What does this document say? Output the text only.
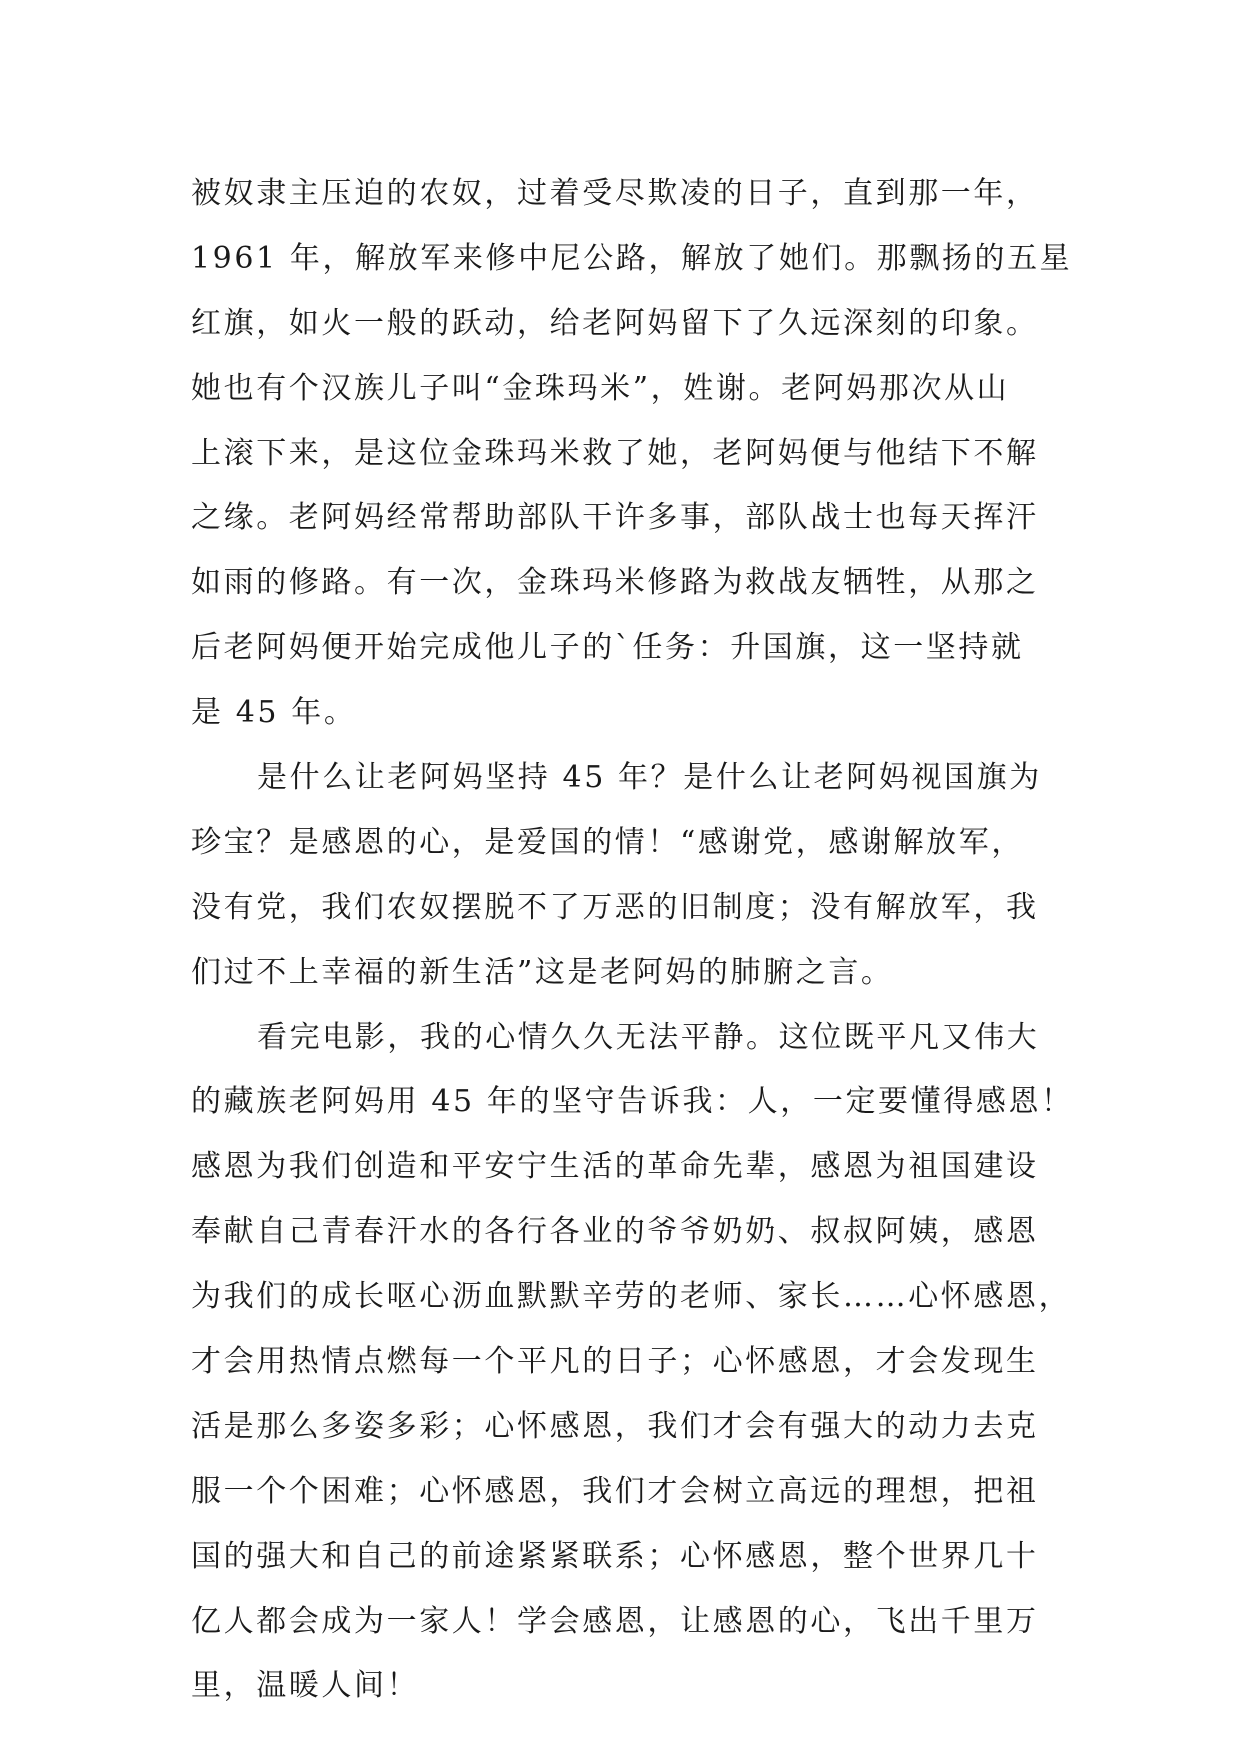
被奴隶主压迫的农奴，过着受尽欺凌的日子，直到那一年，
1961 年，解放军来修中尼公路，解放了她们。那飘扬的五星
红旗，如火一般的跃动，给老阿妈留下了久远深刻的印象。
她也有个汉族儿子叫“金珠玛米”，姓谢。老阿妈那次从山
上滚下来，是这位金珠玛米救了她，老阿妈便与他结下不解
之缘。老阿妈经常帮助部队干许多事，部队战士也每天挥汗
如雨的修路。有一次，金珠玛米修路为救战友牺牲，从那之
后老阿妈便开始完成他儿子的`任务：升国旗，这一坚持就
是 45 年。
是什么让老阿妈坚持 45 年？是什么让老阿妈视国旗为
珍宝？是感恩的心，是爱国的情！“感谢党，感谢解放军，
没有党，我们农奴摆脱不了万恶的旧制度；没有解放军，我
们过不上幸福的新生活”这是老阿妈的肺腑之言。
看完电影，我的心情久久无法平静。这位既平凡又伟大
的藏族老阿妈用 45 年的坚守告诉我：人，一定要懂得感恩！
感恩为我们创造和平安宁生活的革命先辈，感恩为祖国建设
奉献自己青春汗水的各行各业的爷爷奶奶、叔叔阿姨，感恩
为我们的成长呕心沥血默默辛劳的老师、家长……心怀感恩，
才会用热情点燃每一个平凡的日子；心怀感恩，才会发现生
活是那么多姿多彩；心怀感恩，我们才会有强大的动力去克
服一个个困难；心怀感恩，我们才会树立高远的理想，把祖
国的强大和自己的前途紧紧联系；心怀感恩，整个世界几十
亿人都会成为一家人！学会感恩，让感恩的心，飞出千里万
里，温暖人间！
